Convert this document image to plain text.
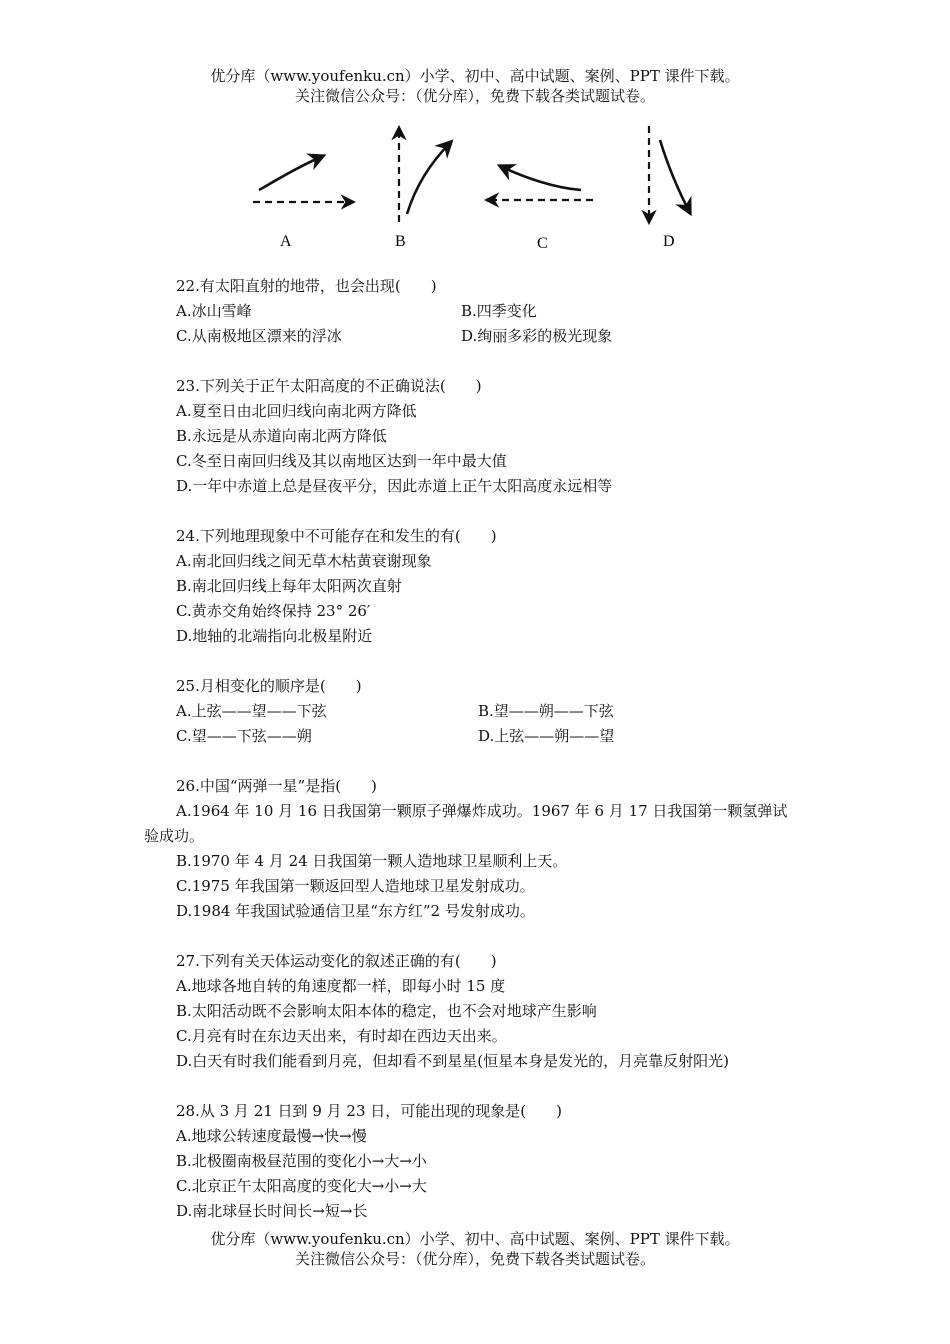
优分库（www.youfenku.cn）小学、初中、高中试题、案例、PPT 课件下载。
关注微信公众号：（优分库），免费下载各类试题试卷。
A	B	C	D
22.有太阳直射的地带，也会出现(　　)
A.冰山雪峰	B.四季变化
C.从南极地区漂来的浮冰	D.绚丽多彩的极光现象
23.下列关于正午太阳高度的不正确说法(　　)
A.夏至日由北回归线向南北两方降低
B.永远是从赤道向南北两方降低
C.冬至日南回归线及其以南地区达到一年中最大值
D.一年中赤道上总是昼夜平分，因此赤道上正午太阳高度永远相等
24.下列地理现象中不可能存在和发生的有(　　)
A.南北回归线之间无草木枯黄衰谢现象
B.南北回归线上每年太阳两次直射
C.黄赤交角始终保持 23° 26′
D.地轴的北端指向北极星附近
25.月相变化的顺序是(　　)
A.上弦——望——下弦	B.望——朔——下弦
C.望——下弦——朔	D.上弦——朔——望
26.中国“两弹一星”是指(　　)
A.1964 年 10 月 16 日我国第一颗原子弹爆炸成功。1967 年 6 月 17 日我国第一颗氢弹试
验成功。
B.1970 年 4 月 24 日我国第一颗人造地球卫星顺利上天。
C.1975 年我国第一颗返回型人造地球卫星发射成功。
D.1984 年我国试验通信卫星“东方红”2 号发射成功。
27.下列有关天体运动变化的叙述正确的有(　　)
A.地球各地自转的角速度都一样，即每小时 15 度
B.太阳活动既不会影响太阳本体的稳定，也不会对地球产生影响
C.月亮有时在东边天出来，有时却在西边天出来。
D.白天有时我们能看到月亮，但却看不到星星(恒星本身是发光的，月亮靠反射阳光)
28.从 3 月 21 日到 9 月 23 日，可能出现的现象是(　　)
A.地球公转速度最慢→快→慢
B.北极圈南极昼范围的变化小→大→小
C.北京正午太阳高度的变化大→小→大
D.南北球昼长时间长→短→长
优分库（www.youfenku.cn）小学、初中、高中试题、案例、PPT 课件下载。
关注微信公众号：（优分库），免费下载各类试题试卷。
